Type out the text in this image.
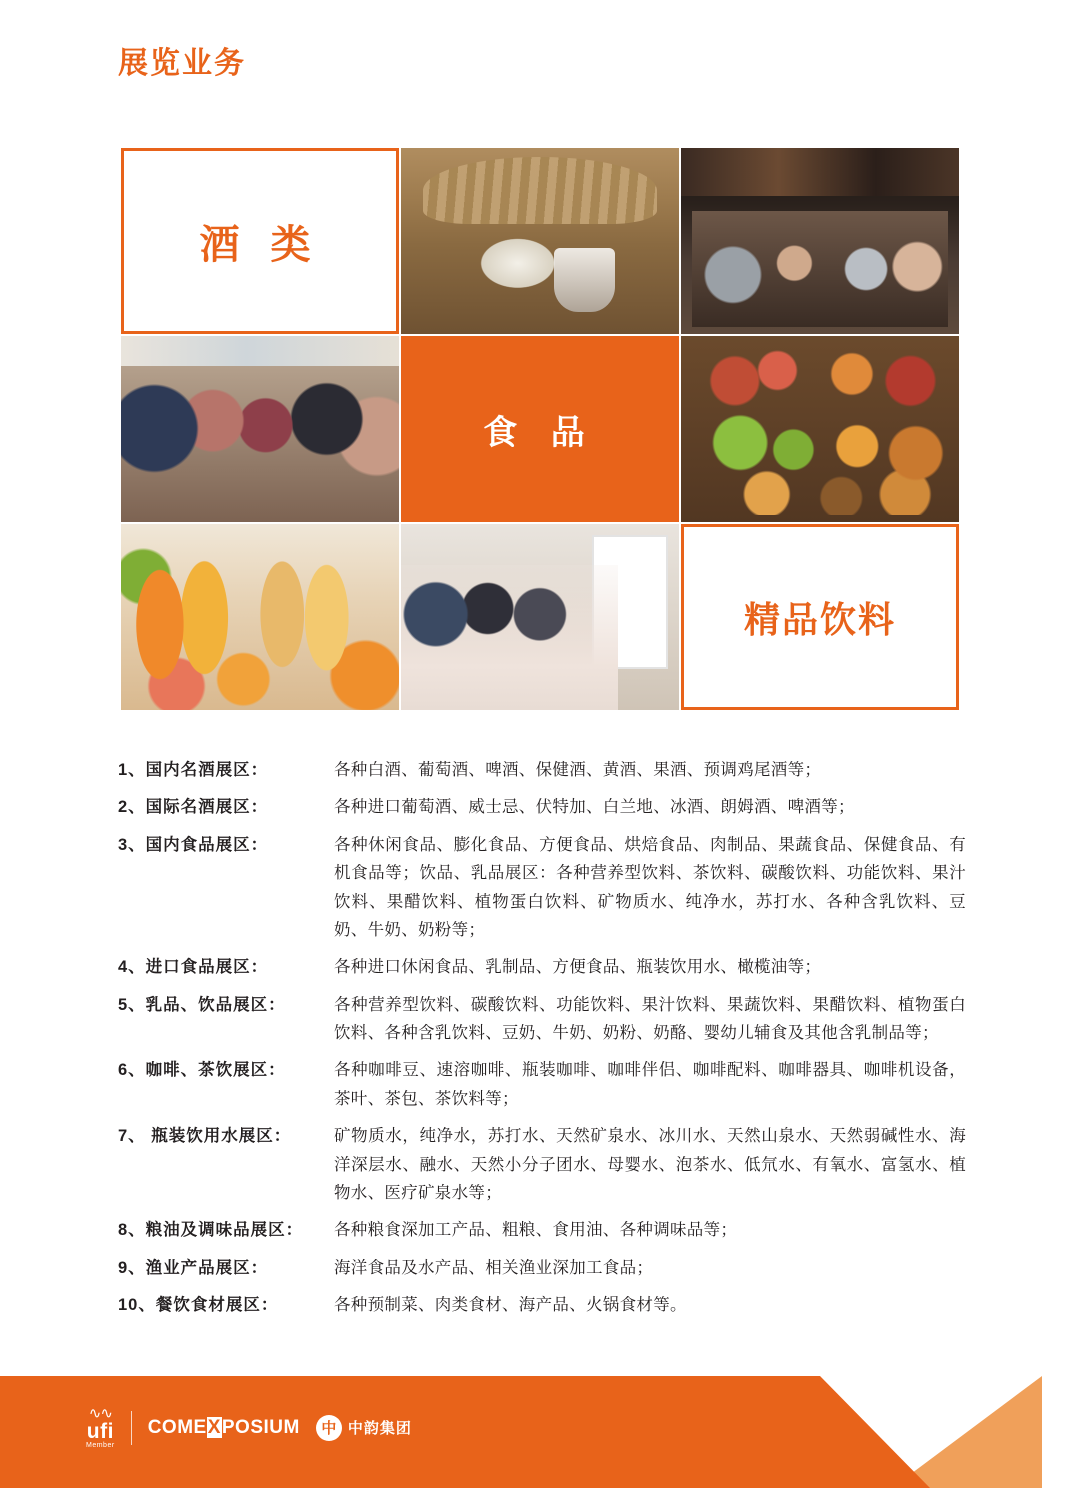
展览业务
酒 类
食 品
精品饮料
1、国内名酒展区：	各种白酒、葡萄酒、啤酒、保健酒、黄酒、果酒、预调鸡尾酒等；
2、国际名酒展区：	各种进口葡萄酒、威士忌、伏特加、白兰地、冰酒、朗姆酒、啤酒等；
3、国内食品展区：	各种休闲食品、膨化食品、方便食品、烘焙食品、肉制品、果蔬食品、保健食品、有机食品等；饮品、乳品展区：各种营养型饮料、茶饮料、碳酸饮料、功能饮料、果汁饮料、果醋饮料、植物蛋白饮料、矿物质水、纯净水，苏打水、各种含乳饮料、豆奶、牛奶、奶粉等；
4、进口食品展区：	各种进口休闲食品、乳制品、方便食品、瓶装饮用水、橄榄油等；
5、乳品、饮品展区：	各种营养型饮料、碳酸饮料、功能饮料、果汁饮料、果蔬饮料、果醋饮料、植物蛋白饮料、各种含乳饮料、豆奶、牛奶、奶粉、奶酪、婴幼儿辅食及其他含乳制品等；
6、咖啡、茶饮展区：	各种咖啡豆、速溶咖啡、瓶装咖啡、咖啡伴侣、咖啡配料、咖啡器具、咖啡机设备， 茶叶、茶包、茶饮料等；
7、 瓶装饮用水展区：	矿物质水，纯净水，苏打水、天然矿泉水、冰川水、天然山泉水、天然弱碱性水、海洋深层水、融水、天然小分子团水、母婴水、泡茶水、低氘水、有氧水、富氢水、植物水、医疗矿泉水等；
8、粮油及调味品展区：	各种粮食深加工产品、粗粮、食用油、各种调味品等；
9、渔业产品展区：	海洋食品及水产品、相关渔业深加工食品；
10、餐饮食材展区：	各种预制菜、肉类食材、海产品、火锅食材等。
∿∿
ufi
Member
COMEXPOSIUM	中 中韵集团
